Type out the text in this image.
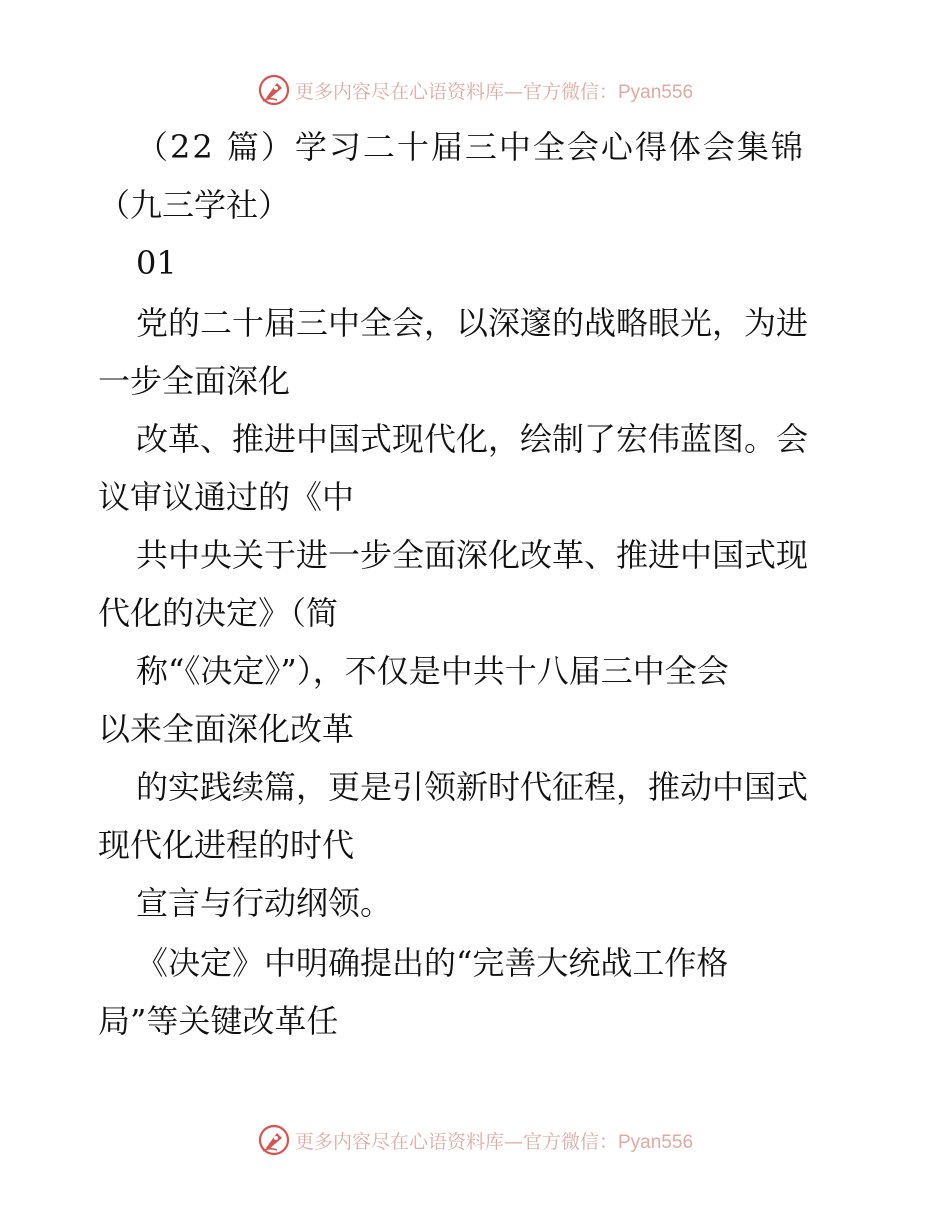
更多内容尽在心语资料库—官方微信：Pyan556
（22 篇）学习二十届三中全会心得体会集锦
（九三学社）
01
党的二十届三中全会，以深邃的战略眼光，为进
一步全面深化
改革、推进中国式现代化，绘制了宏伟蓝图。会
议审议通过的《中
共中央关于进一步全面深化改革、推进中国式现
代化的决定》（简
称“《决定》”），不仅是中共十八届三中全会
以来全面深化改革
的实践续篇，更是引领新时代征程，推动中国式
现代化进程的时代
宣言与行动纲领。
《决定》中明确提出的“完善大统战工作格
局”等关键改革任
更多内容尽在心语资料库—官方微信：Pyan556
